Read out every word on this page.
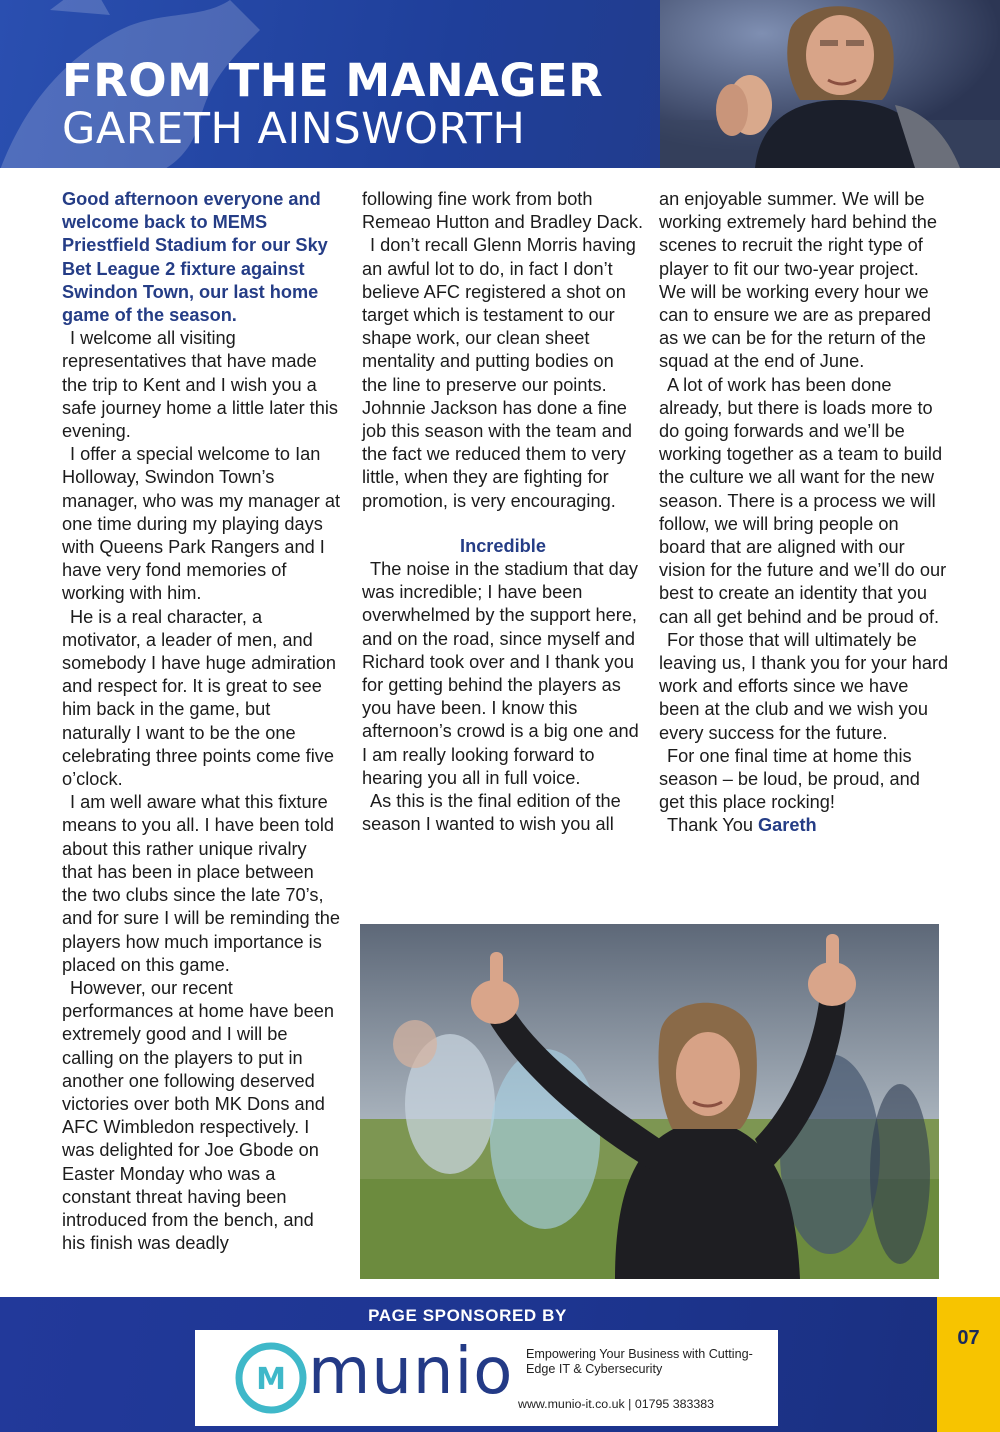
FROM THE MANAGER
GARETH AINSWORTH

Good afternoon everyone and welcome back to MEMS Priestfield Stadium for our Sky Bet League 2 fixture against Swindon Town, our last home game of the season.

I welcome all visiting representatives that have made the trip to Kent and I wish you a safe journey home a little later this evening.

I offer a special welcome to Ian Holloway, Swindon Town’s manager, who was my manager at one time during my playing days with Queens Park Rangers and I have very fond memories of working with him.

He is a real character, a motivator, a leader of men, and somebody I have huge admiration and respect for. It is great to see him back in the game, but naturally I want to be the one celebrating three points come five o’clock.

I am well aware what this fixture means to you all. I have been told about this rather unique rivalry that has been in place between the two clubs since the late 70’s, and for sure I will be reminding the players how much importance is placed on this game.

However, our recent performances at home have been extremely good and I will be calling on the players to put in another one following deserved victories over both MK Dons and AFC Wimbledon respectively. I was delighted for Joe Gbode on Easter Monday who was a constant threat having been introduced from the bench, and his finish was deadly

following fine work from both Remeao Hutton and Bradley Dack.

I don’t recall Glenn Morris having an awful lot to do, in fact I don’t believe AFC registered a shot on target which is testament to our shape work, our clean sheet mentality and putting bodies on the line to preserve our points. Johnnie Jackson has done a fine job this season with the team and the fact we reduced them to very little, when they are fighting for promotion, is very encouraging.

Incredible

The noise in the stadium that day was incredible; I have been overwhelmed by the support here, and on the road, since myself and Richard took over and I thank you for getting behind the players as you have been. I know this afternoon’s crowd is a big one and I am really looking forward to hearing you all in full voice.

As this is the final edition of the season I wanted to wish you all

an enjoyable summer. We will be working extremely hard behind the scenes to recruit the right type of player to fit our two-year project. We will be working every hour we can to ensure we are as prepared as we can be for the return of the squad at the end of June.

A lot of work has been done already, but there is loads more to do going forwards and we’ll be working together as a team to build the culture we all want for the new season. There is a process we will follow, we will bring people on board that are aligned with our vision for the future and we’ll do our best to create an identity that you can all get behind and be proud of.

For those that will ultimately be leaving us, I thank you for your hard work and efforts since we have been at the club and we wish you every success for the future.

For one final time at home this season – be loud, be proud, and get this place rocking!

Thank You Gareth

PAGE SPONSORED BY
M munio Empowering Your Business with Cutting-Edge IT & Cybersecurity
www.munio-it.co.uk | 01795 383383
07
